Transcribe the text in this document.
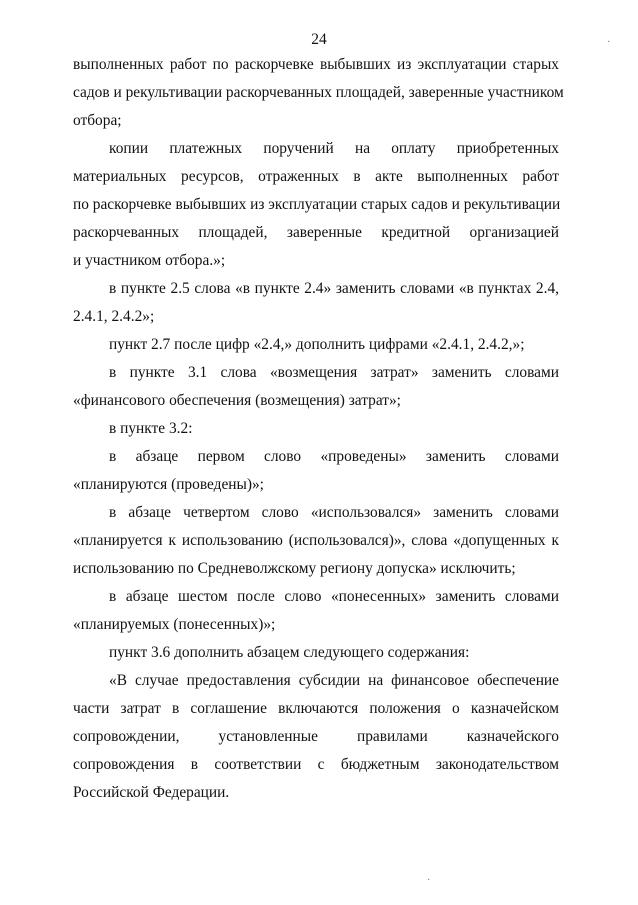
24
выполненных работ по раскорчевке выбывших из эксплуатации старых
садов и рекультивации раскорчеванных площадей, заверенные участником
отбора;
копии платежных поручений на оплату приобретенных
материальных ресурсов, отраженных в акте выполненных работ
по раскорчевке выбывших из эксплуатации старых садов и рекультивации
раскорчеванных площадей, заверенные кредитной организацией
и участником отбора.»;
в пункте 2.5 слова «в пункте 2.4» заменить словами «в пунктах 2.4,
2.4.1, 2.4.2»;
пункт 2.7 после цифр «2.4,» дополнить цифрами «2.4.1, 2.4.2,»;
в пункте 3.1 слова «возмещения затрат» заменить словами
«финансового обеспечения (возмещения) затрат»;
в пункте 3.2:
в абзаце первом слово «проведены» заменить словами
«планируются (проведены)»;
в абзаце четвертом слово «использовался» заменить словами
«планируется к использованию (использовался)», слова «допущенных к
использованию по Средневолжскому региону допуска» исключить;
в абзаце шестом после слово «понесенных» заменить словами
«планируемых (понесенных)»;
пункт 3.6 дополнить абзацем следующего содержания:
«В случае предоставления субсидии на финансовое обеспечение
части затрат в соглашение включаются положения о казначейском
сопровождении, установленные правилами казначейского
сопровождения в соответствии с бюджетным законодательством
Российской Федерации.
·
·
